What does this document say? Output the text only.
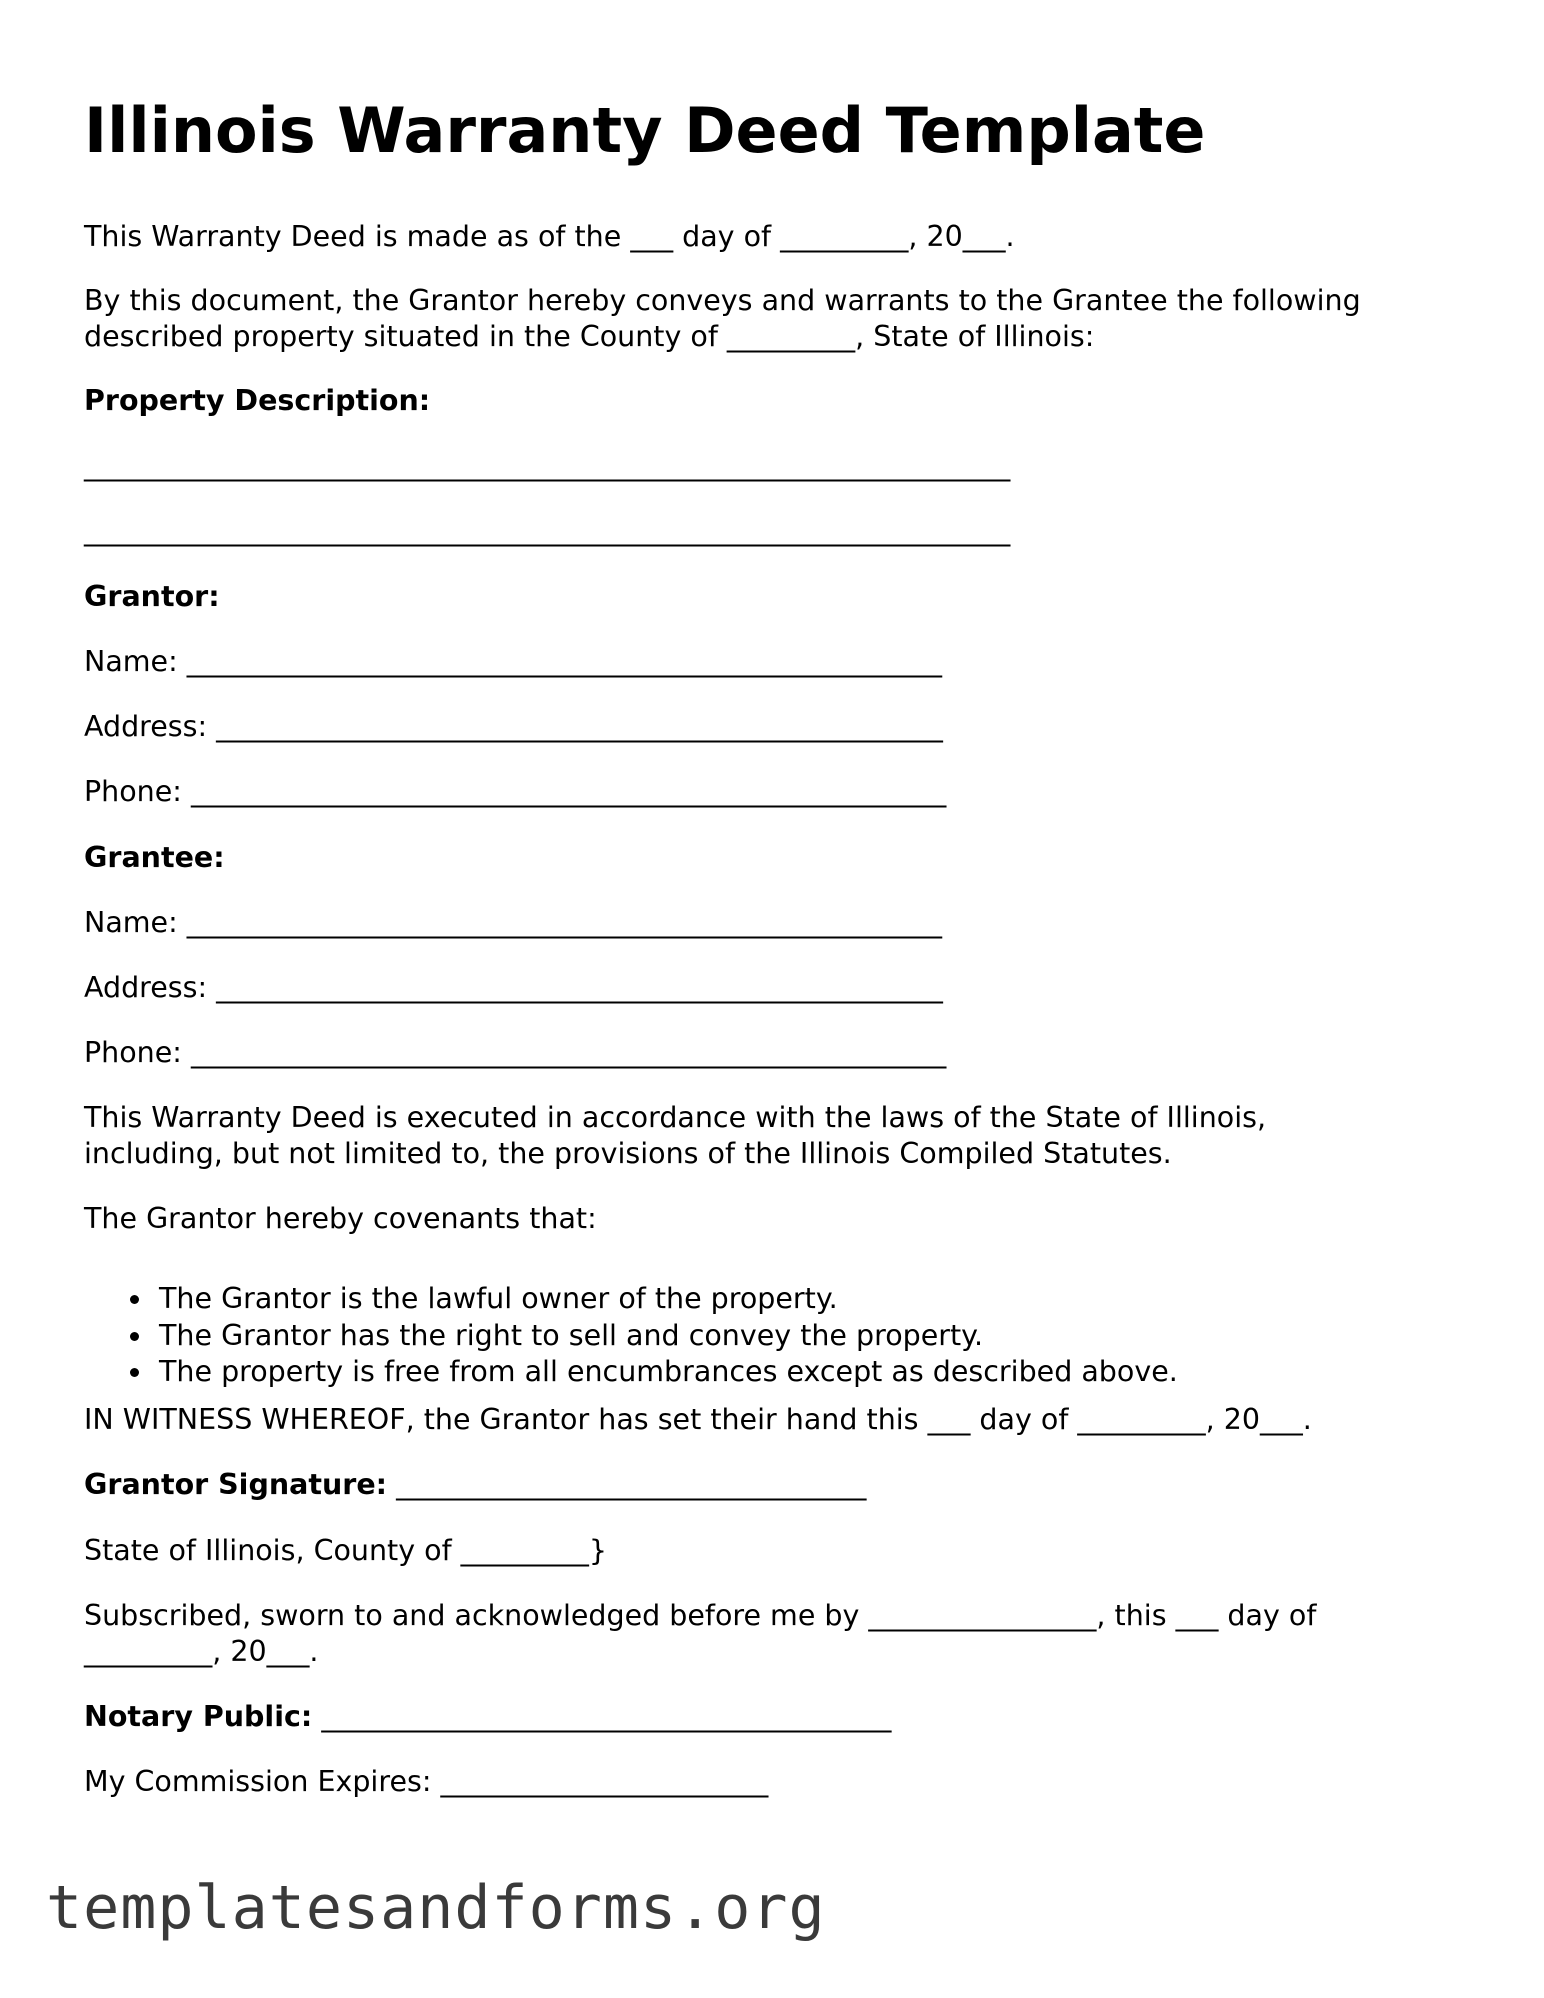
Illinois Warranty Deed Template

This Warranty Deed is made as of the ___ day of _________, 20___.

By this document, the Grantor hereby conveys and warrants to the Grantee the following

described property situated in the County of _________, State of Illinois:

Property Description:

_________________________________________________________________

_________________________________________________________________

Grantor:

Name: _____________________________________________________

Address: ___________________________________________________

Phone: _____________________________________________________

Grantee:

Name: _____________________________________________________

Address: ___________________________________________________

Phone: _____________________________________________________

This Warranty Deed is executed in accordance with the laws of the State of Illinois,

including, but not limited to, the provisions of the Illinois Compiled Statutes.

The Grantor hereby covenants that:

The Grantor is the lawful owner of the property.
The Grantor has the right to sell and convey the property.
The property is free from all encumbrances except as described above.

IN WITNESS WHEREOF, the Grantor has set their hand this ___ day of _________, 20___.

Grantor Signature: _________________________________

State of Illinois, County of _________}

Subscribed, sworn to and acknowledged before me by ________________, this ___ day of

_________, 20___.

Notary Public: ________________________________________

My Commission Expires: _______________________

templatesandforms.org
